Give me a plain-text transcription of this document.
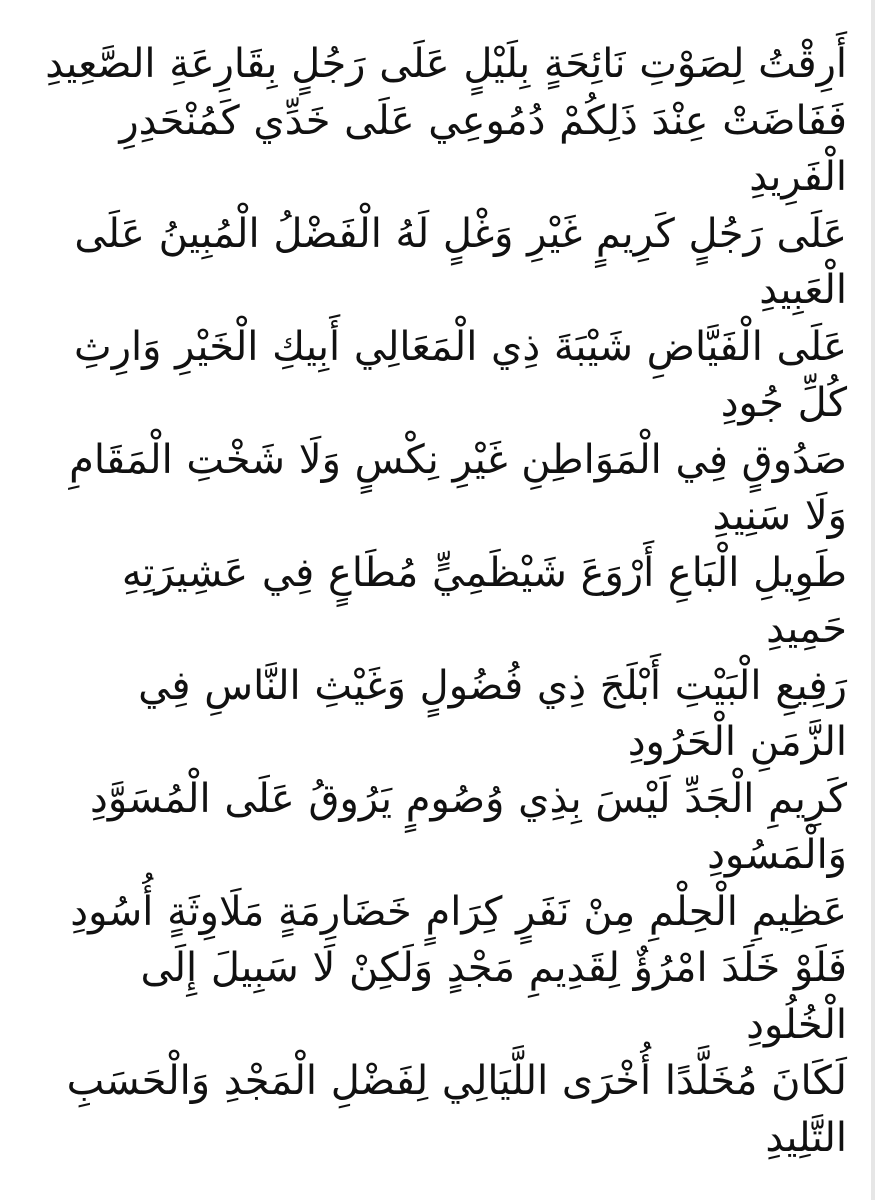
أَرِقْتُ لِصَوْتِ نَائِحَةٍ بِلَيْلٍ عَلَى رَجُلٍ بِقَارِعَةِ الصَّعِيدِ
فَفَاضَتْ عِنْدَ ذَلِكُمْ دُمُوعِي عَلَى خَدِّي كَمُنْحَدِرِ الْفَرِيدِ
عَلَى رَجُلٍ كَرِيمٍ غَيْرِ وَغْلٍ لَهُ الْفَضْلُ الْمُبِينُ عَلَى الْعَبِيدِ
عَلَى الْفَيَّاضِ شَيْبَةَ ذِي الْمَعَالِي أَبِيكِ الْخَيْرِ وَارِثِ كُلِّ جُودِ
صَدُوقٍ فِي الْمَوَاطِنِ غَيْرِ نِكْسٍ وَلَا شَخْتِ الْمَقَامِ وَلَا سَنِيدِ
طَوِيلِ الْبَاعِ أَرْوَعَ شَيْظَمِيٍّ مُطَاعٍ فِي عَشِيرَتِهِ حَمِيدِ
رَفِيعِ الْبَيْتِ أَبْلَجَ ذِي فُضُولٍ وَغَيْثِ النَّاسِ فِي الزَّمَنِ الْحَرُودِ
كَرِيمِ الْجَدِّ لَيْسَ بِذِي وُصُومٍ يَرُوقُ عَلَى الْمُسَوَّدِ وَالْمَسُودِ
عَظِيمِ الْحِلْمِ مِنْ نَفَرٍ كِرَامٍ خَضَارِمَةٍ مَلَاوِثَةٍ أُسُودِ
فَلَوْ خَلَدَ امْرُؤٌ لِقَدِيمِ مَجْدٍ وَلَكِنْ لَا سَبِيلَ إِلَى الْخُلُودِ
لَكَانَ مُخَلَّدًا أُخْرَى اللَّيَالِي لِفَضْلِ الْمَجْدِ وَالْحَسَبِ التَّلِيدِ
